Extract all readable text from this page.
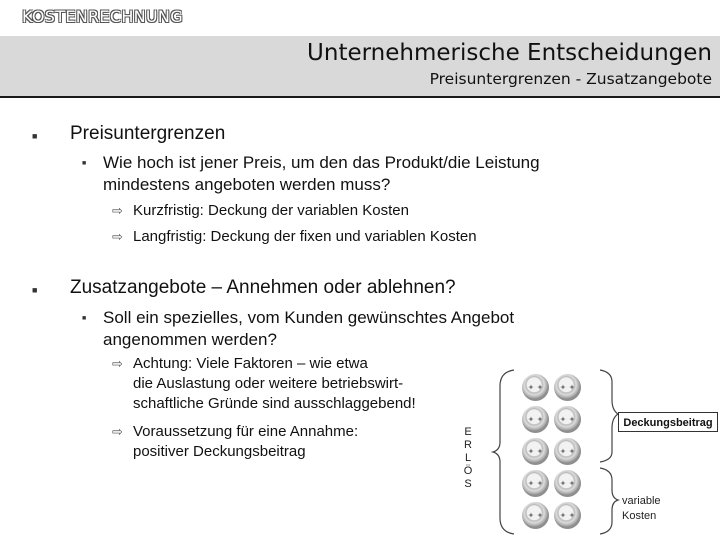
KOSTENRECHNUNG
Unternehmerische Entscheidungen
Preisuntergrenzen - Zusatzangebote
■ Preisuntergrenzen
■ Wie hoch ist jener Preis, um den das Produkt/die Leistung
mindestens angeboten werden muss?
⇨ Kurzfristig: Deckung der variablen Kosten
⇨ Langfristig: Deckung der fixen und variablen Kosten
■ Zusatzangebote – Annehmen oder ablehnen?
■ Soll ein spezielles, vom Kunden gewünschtes Angebot
angenommen werden?
⇨ Achtung: Viele Faktoren – wie etwa
die Auslastung oder weitere betriebswirt-
schaftliche Gründe sind ausschlaggebend!
⇨ Voraussetzung für eine Annahme:
positiver Deckungsbeitrag
E
R
L
Ö
S
✦ ✦	✦ ✦
✦ ✦	✦ ✦
✦ ✦	✦ ✦
✦ ✦	✦ ✦
✦ ✦	✦ ✦
Deckungsbeitrag
variable
Kosten
